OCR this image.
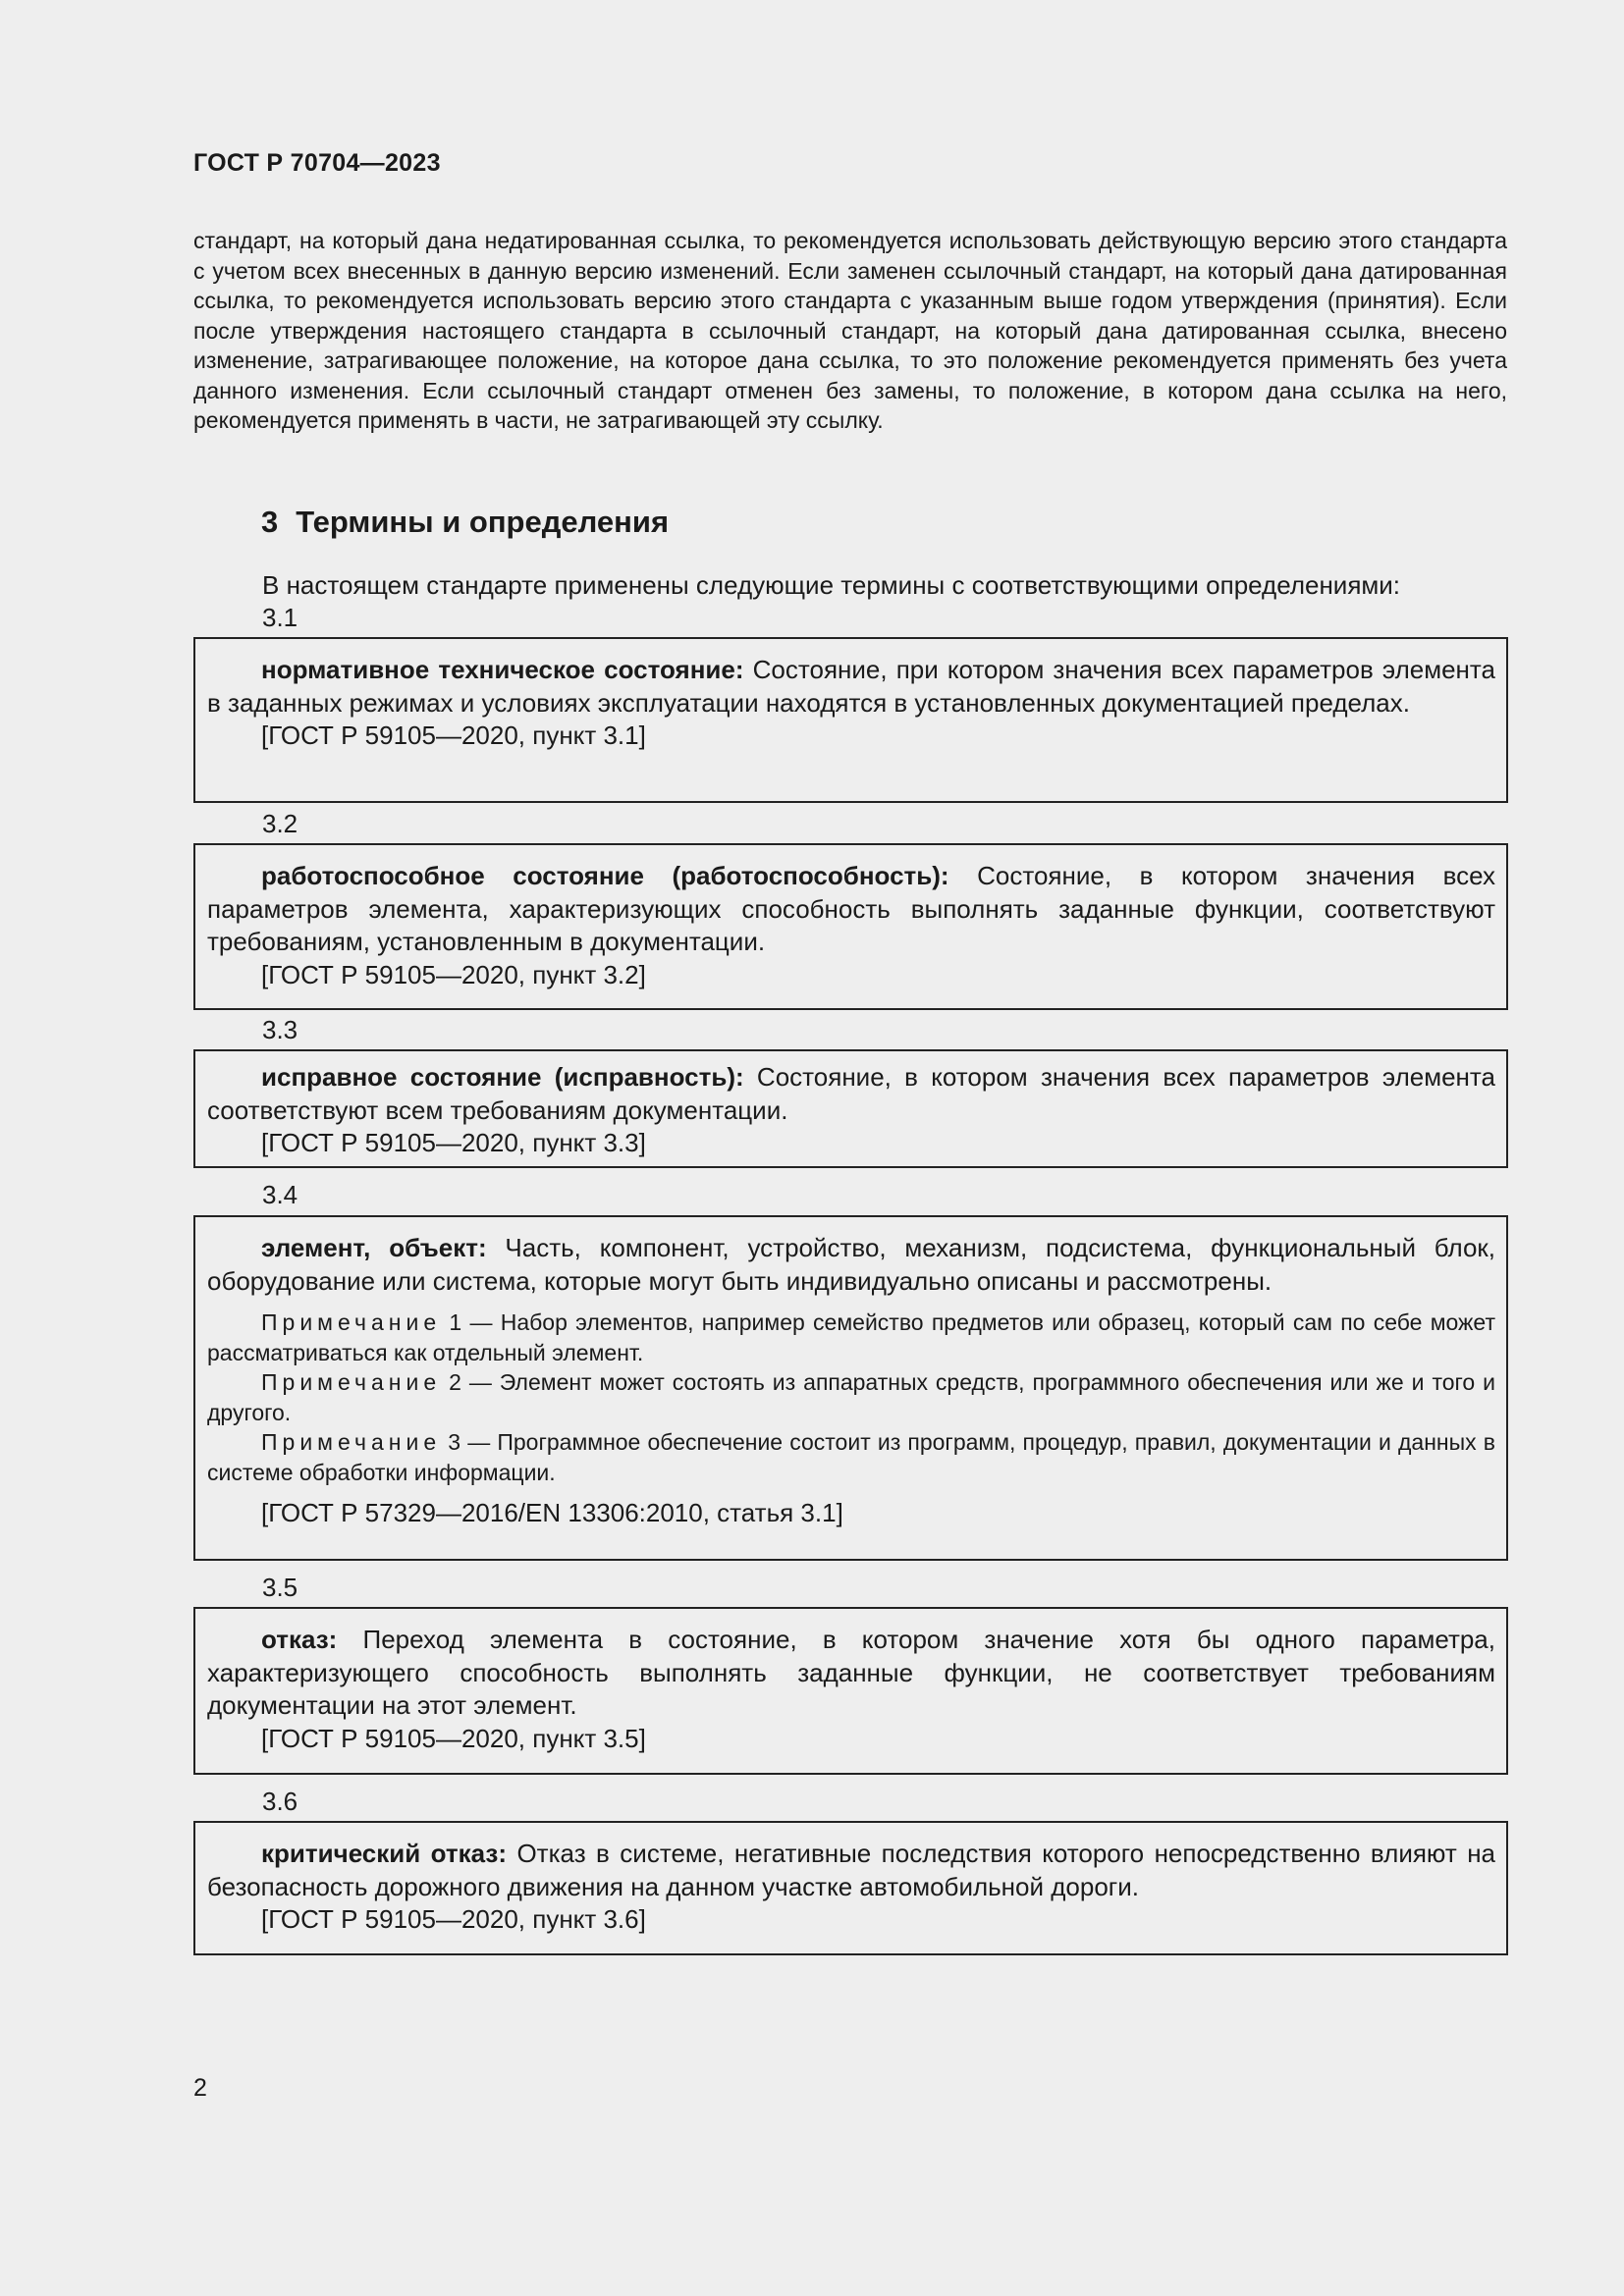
ГОСТ Р 70704—2023

стандарт, на который дана недатированная ссылка, то рекомендуется использовать действующую версию этого стандарта с учетом всех внесенных в данную версию изменений. Если заменен ссылочный стандарт, на который дана датированная ссылка, то рекомендуется использовать версию этого стандарта с указанным выше годом утверждения (принятия). Если после утверждения настоящего стандарта в ссылочный стандарт, на который дана датированная ссылка, внесено изменение, затрагивающее положение, на которое дана ссылка, то это положение рекомендуется применять без учета данного изменения. Если ссылочный стандарт отменен без замены, то положение, в котором дана ссылка на него, рекомендуется применять в части, не затрагивающей эту ссылку.

3 Термины и определения
В настоящем стандарте применены следующие термины с соответствующими определениями:
3.1

нормативное техническое состояние: Состояние, при котором значения всех параметров элемента в заданных режимах и условиях эксплуатации находятся в установленных документацией пределах.

[ГОСТ Р 59105—2020, пункт 3.1]

3.2

работоспособное состояние (работоспособность): Состояние, в котором значения всех параметров элемента, характеризующих способность выполнять заданные функции, соответствуют требованиям, установленным в документации.

[ГОСТ Р 59105—2020, пункт 3.2]

3.3

исправное состояние (исправность): Состояние, в котором значения всех параметров элемента соответствуют всем требованиям документации.

[ГОСТ Р 59105—2020, пункт 3.3]

3.4

элемент, объект: Часть, компонент, устройство, механизм, подсистема, функциональный блок, оборудование или система, которые могут быть индивидуально описаны и рассмотрены.

Примечание 1 — Набор элементов, например семейство предметов или образец, который сам по себе может рассматриваться как отдельный элемент.

Примечание 2 — Элемент может состоять из аппаратных средств, программного обеспечения или же и того и другого.

Примечание 3 — Программное обеспечение состоит из программ, процедур, правил, документации и данных в системе обработки информации.

[ГОСТ Р 57329—2016/EN 13306:2010, статья 3.1]

3.5

отказ: Переход элемента в состояние, в котором значение хотя бы одного параметра, характеризующего способность выполнять заданные функции, не соответствует требованиям документации на этот элемент.

[ГОСТ Р 59105—2020, пункт 3.5]

3.6

критический отказ: Отказ в системе, негативные последствия которого непосредственно влияют на безопасность дорожного движения на данном участке автомобильной дороги.

[ГОСТ Р 59105—2020, пункт 3.6]

2
